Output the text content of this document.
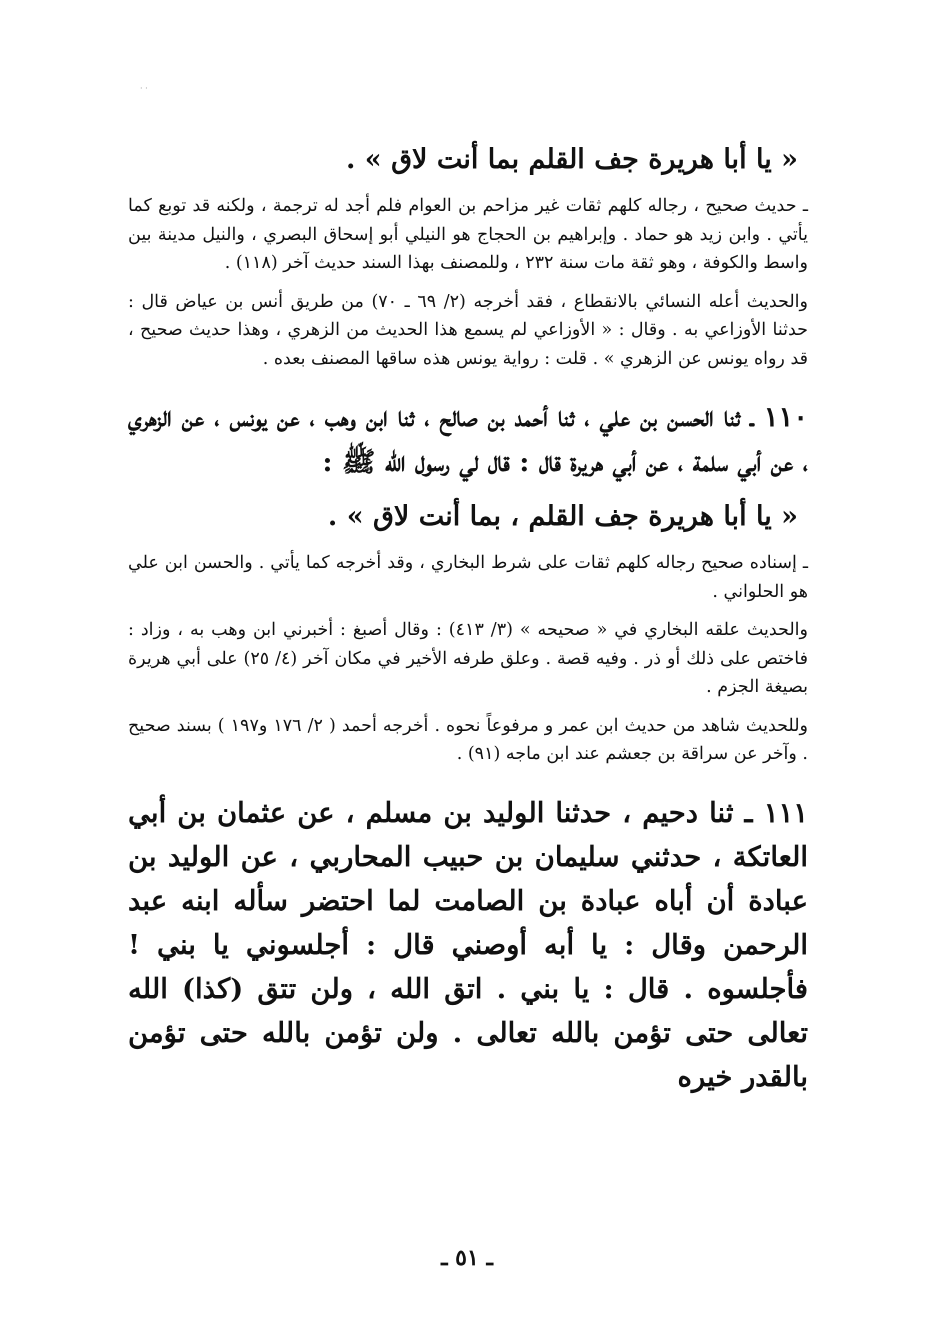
· ·

« يا أبا هريرة جف القلم بما أنت لاق » .

ـ حديث صحيح ، رجاله كلهم ثقات غير مزاحم بن العوام فلم أجد له ترجمة ، ولكنه قد توبع كما يأتي . وابن زيد هو حماد . وإبراهيم بن الحجاج هو النيلي أبو إسحاق البصري ، والنيل مدينة بين واسط والكوفة ، وهو ثقة مات سنة ٢٣٢ ، وللمصنف بهذا السند حديث آخر (١١٨) .

والحديث أعله النسائي بالانقطاع ، فقد أخرجه (٢/ ٦٩ ـ ٧٠) من طريق أنس بن عياض قال : حدثنا الأوزاعي به . وقال : « الأوزاعي لم يسمع هذا الحديث من الزهري ، وهذا حديث صحيح ، قد رواه يونس عن الزهري » . قلت : رواية يونس هذه ساقها المصنف بعده .

١١٠ ـ ثنا الحسن بن علي ، ثنا أحمد بن صالح ، ثنا ابن وهب ، عن يونس ، عن الزهري ، عن أبي سلمة ، عن أبي هريرة قال : قال لي رسول الله ﷺ :

« يا أبا هريرة جف القلم ، بما أنت لاق » .

ـ إسناده صحيح رجاله كلهم ثقات على شرط البخاري ، وقد أخرجه كما يأتي . والحسن ابن علي هو الحلواني .

والحديث علقه البخاري في « صحيحه » (٣/ ٤١٣) : وقال أصبغ : أخبرني ابن وهب به ، وزاد : فاختص على ذلك أو ذر . وفيه قصة . وعلق طرفه الأخير في مكان آخر (٤/ ٢٥) على أبي هريرة بصيغة الجزم .

وللحديث شاهد من حديث ابن عمر و مرفوعاً نحوه . أخرجه أحمد ( ٢/ ١٧٦ و١٩٧ ) بسند صحيح . وآخر عن سراقة بن جعشم عند ابن ماجه (٩١) .

١١١ ـ ثنا دحيم ، حدثنا الوليد بن مسلم ، عن عثمان بن أبي العاتكة ، حدثني سليمان بن حبيب المحاربي ، عن الوليد بن عبادة أن أباه عبادة بن الصامت لما احتضر سأله ابنه عبد الرحمن وقال : يا أبه أوصني قال : أجلسوني يا بني ! فأجلسوه . قال : يا بني . اتق الله ، ولن تتق (كذا) الله تعالى حتى تؤمن بالله تعالى . ولن تؤمن بالله حتى تؤمن بالقدر خيره

ـ ٥١ ـ
